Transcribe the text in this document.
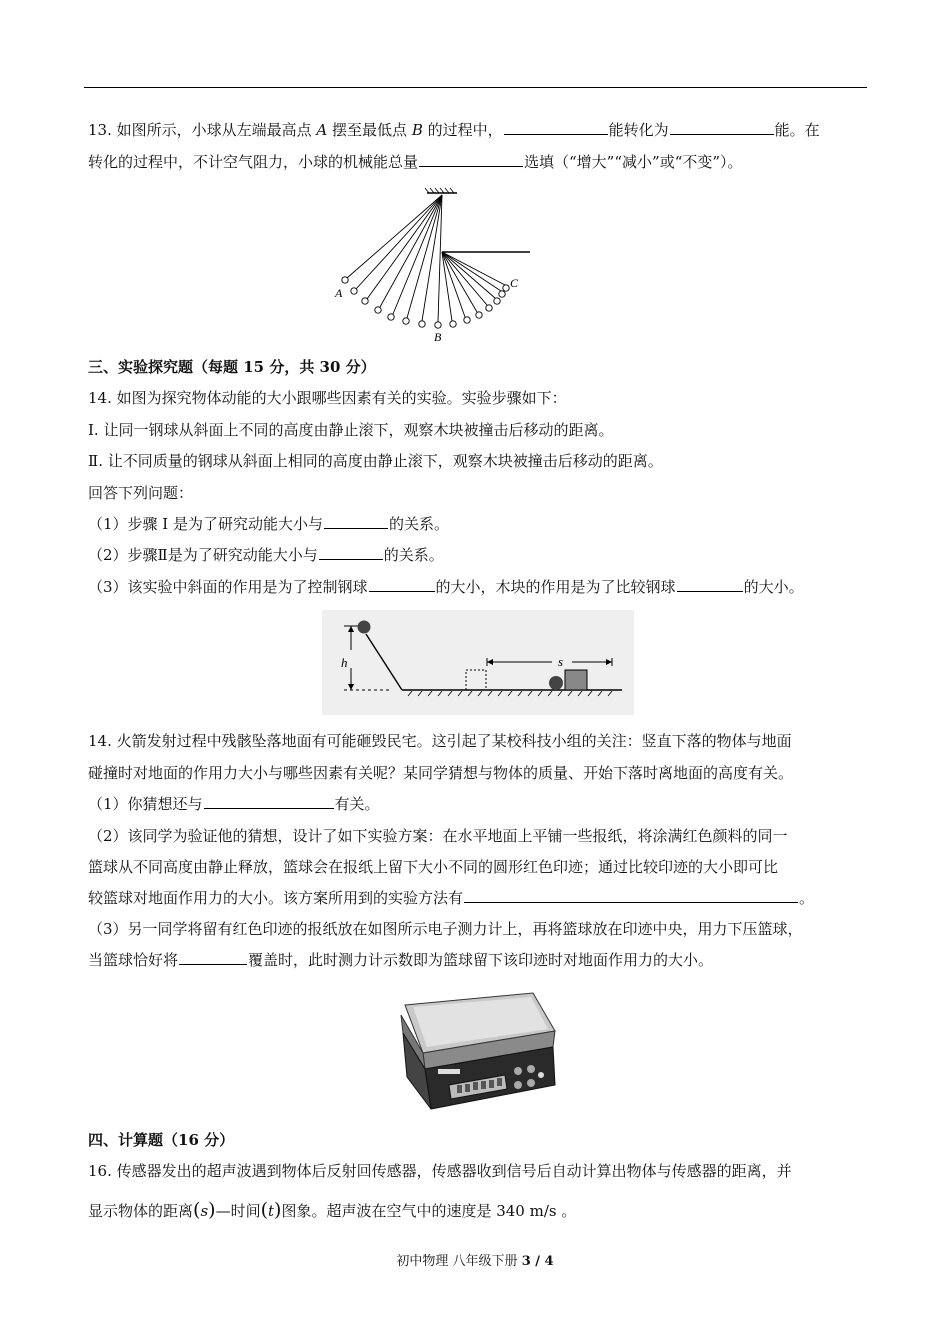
13. 如图所示，小球从左端最高点 A 摆至最低点 B 的过程中，	能转化为	能。在
转化的过程中，不计空气阻力，小球的机械能总量	选填（“增大”“减小”或“不变”）。
A
B
C
三、实验探究题（每题 15 分，共 30 分）
14. 如图为探究物体动能的大小跟哪些因素有关的实验。实验步骤如下：
I. 让同一钢球从斜面上不同的高度由静止滚下，观察木块被撞击后移动的距离。
Ⅱ. 让不同质量的钢球从斜面上相同的高度由静止滚下，观察木块被撞击后移动的距离。
回答下列问题：
（1）步骤 I 是为了研究动能大小与	的关系。
（2）步骤Ⅱ是为了研究动能大小与	的关系。
（3）该实验中斜面的作用是为了控制钢球	的大小，木块的作用是为了比较钢球	的大小。
h	s
14. 火箭发射过程中残骸坠落地面有可能砸毁民宅。这引起了某校科技小组的关注：竖直下落的物体与地面
碰撞时对地面的作用力大小与哪些因素有关呢？某同学猜想与物体的质量、开始下落时离地面的高度有关。
（1）你猜想还与	有关。
（2）该同学为验证他的猜想，设计了如下实验方案：在水平地面上平铺一些报纸，将涂满红色颜料的同一
篮球从不同高度由静止释放，篮球会在报纸上留下大小不同的圆形红色印迹；通过比较印迹的大小即可比
较篮球对地面作用力的大小。该方案所用到的实验方法有	。
（3）另一同学将留有红色印迹的报纸放在如图所示电子测力计上，再将篮球放在印迹中央，用力下压篮球，
当篮球恰好将	覆盖时，此时测力计示数即为篮球留下该印迹时对地面作用力的大小。
四、计算题（16 分）
16. 传感器发出的超声波遇到物体后反射回传感器，传感器收到信号后自动计算出物体与传感器的距离，并
显示物体的距离(s)—时间(t)图象。超声波在空气中的速度是 340 m/s 。
初中物理 八年级下册 3 / 4
